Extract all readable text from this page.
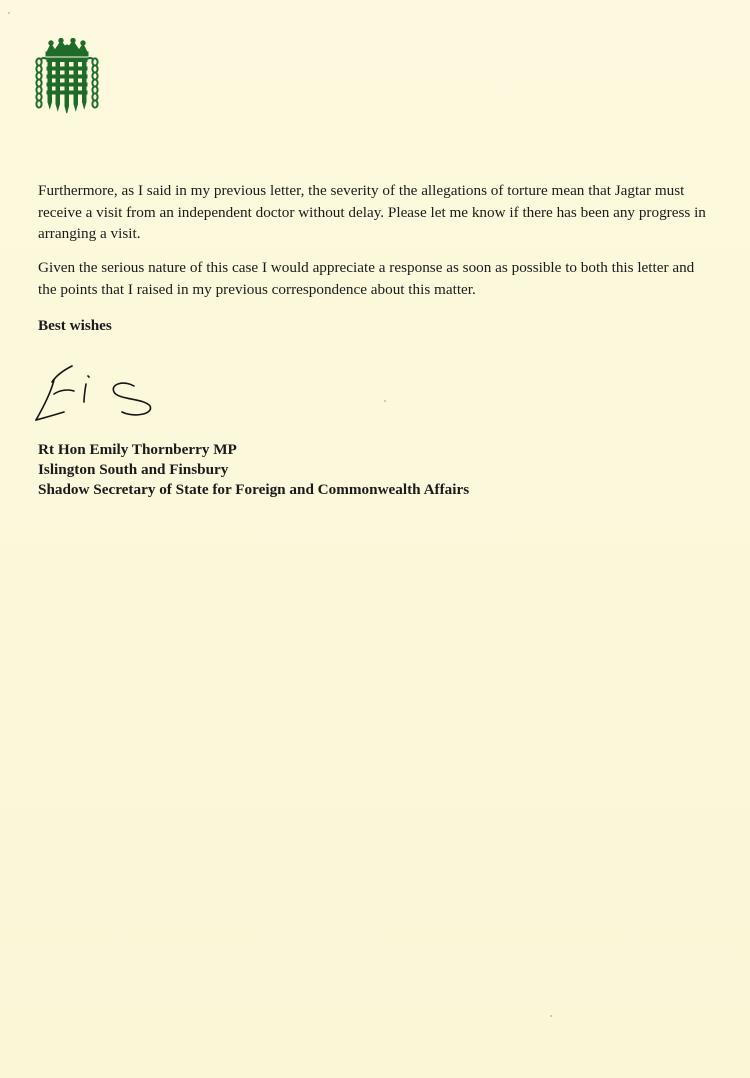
Furthermore, as I said in my previous letter, the severity of the allegations of torture mean that Jagtar must receive a visit from an independent doctor without delay. Please let me know if there has been any progress in arranging a visit.

Given the serious nature of this case I would appreciate a response as soon as possible to both this letter and the points that I raised in my previous correspondence about this matter.

Best wishes

Rt Hon Emily Thornberry MP
Islington South and Finsbury
Shadow Secretary of State for Foreign and Commonwealth Affairs
